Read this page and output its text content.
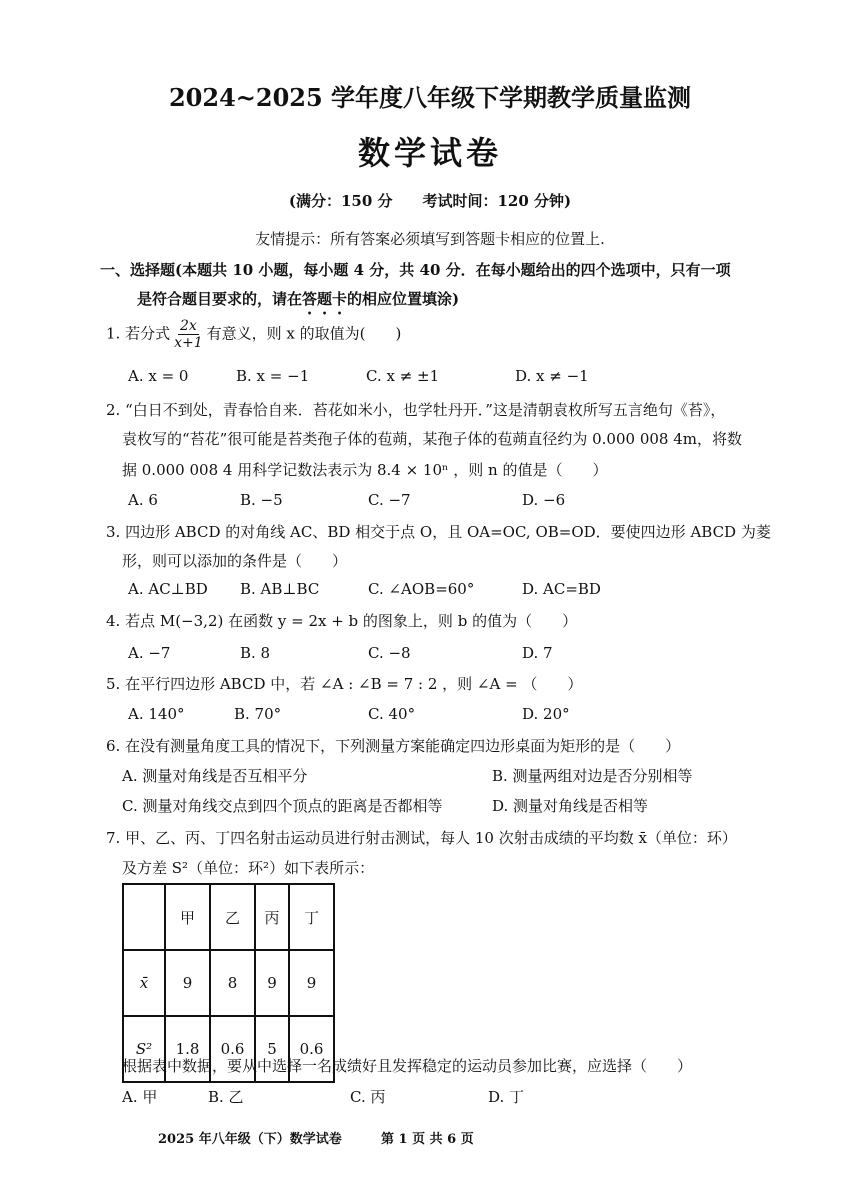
2024~2025 学年度八年级下学期教学质量监测
数学试卷
(满分：150 分　　考试时间：120 分钟)
友情提示：所有答案必须填写到答题卡相应的位置上.
一、选择题(本题共 10 小题，每小题 4 分，共 40 分．在每小题给出的四个选项中，只有一项
是符合题目要求的，请在答题卡的相应位置填涂)
1. 若分式 $\frac{2x}{x+1}$ 有意义，则 x 的取值为(　　)
A. x = 0	B. x = −1	C. x ≠ ±1	D. x ≠ −1
2. “白日不到处，青春恰自来．苔花如米小，也学牡丹开．”这是清朝袁枚所写五言绝句《苔》，
袁枚写的“苔花”很可能是苔类孢子体的苞蒴，某孢子体的苞蒴直径约为 0.000 008 4m，将数
据 0.000 008 4 用科学记数法表示为 8.4 × 10ⁿ ，则 n 的值是（　　）
A. 6	B. −5	C. −7	D. −6
3. 四边形 ABCD 的对角线 AC、BD 相交于点 O，且 OA=OC, OB=OD．要使四边形 ABCD 为菱
形，则可以添加的条件是（　　）
A. AC⊥BD B. AB⊥BC	C. ∠AOB=60°	D. AC=BD
4. 若点 M(−3,2) 在函数 y = 2x + b 的图象上，则 b 的值为（　　）
A. −7	B. 8	C. −8	D. 7
5. 在平行四边形 ABCD 中，若 ∠A : ∠B = 7 : 2 ，则 ∠A = （　　）
A. 140°	B. 70°	C. 40°	D. 20°
6. 在没有测量角度工具的情况下，下列测量方案能确定四边形桌面为矩形的是（　　）
A. 测量对角线是否互相平分	B. 测量两组对边是否分别相等
C. 测量对角线交点到四个顶点的距离是否都相等	D. 测量对角线是否相等
7. 甲、乙、丙、丁四名射击运动员进行射击测试，每人 10 次射击成绩的平均数 x̄（单位：环）
及方差 S²（单位：环²）如下表所示：
	甲	乙	丙	丁
x̄	9	8	9	9
S²	1.8	0.6	5	0.6
根据表中数据，要从中选择一名成绩好且发挥稳定的运动员参加比赛，应选择（　　）
A. 甲	B. 乙	C. 丙	D. 丁
2025 年八年级（下）数学试卷	第 1 页 共 6 页
